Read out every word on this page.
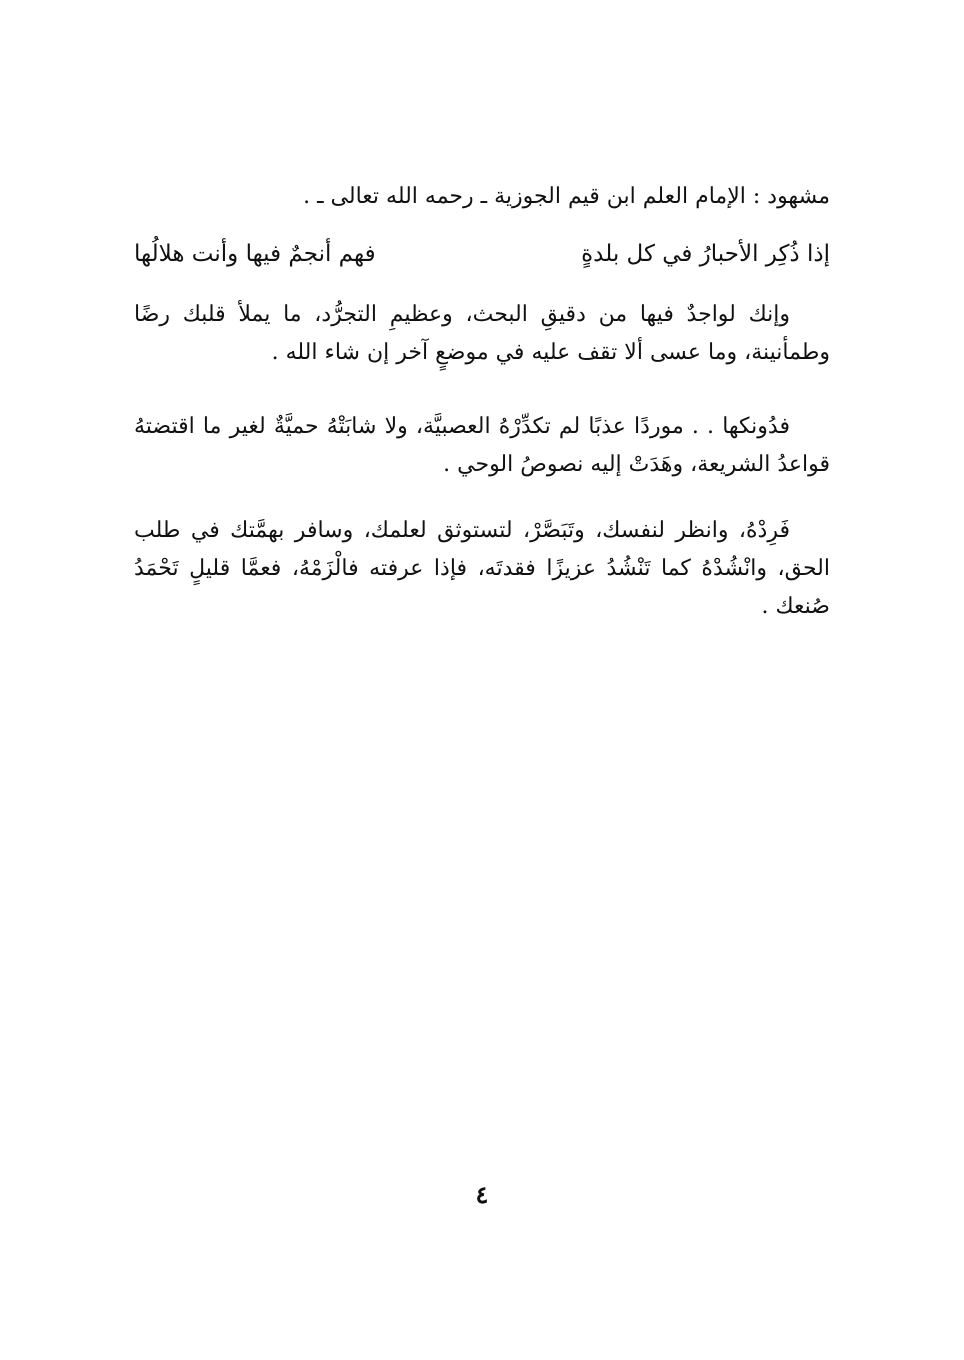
مشهود : الإمام العلم ابن قيم الجوزية ـ رحمه الله تعالى ـ .
إذا ذُكِر الأحبارُ في كل بلدةٍ
فهم أنجمٌ فيها وأنت هلالُها

وإنك لواجدٌ فيها من دقيقِ البحث، وعظيمِ التجرُّد، ما يملأ قلبك رضًا وطمأنينة، وما عسى ألا تقف عليه في موضعٍ آخر إن شاء الله .

فدُونكها . . موردًا عذبًا لم تكدِّرْهُ العصبيَّة، ولا شابَتْهُ حميَّةٌ لغير ما اقتضتهُ قواعدُ الشريعة، وهَدَتْ إليه نصوصُ الوحي .

فَرِدْهُ، وانظر لنفسك، وتَبَصَّرْ، لتستوثق لعلمك، وسافر بهمَّتك في طلب الحق، وانْشُدْهُ كما تَنْشُدُ عزيزًا فقدتَه، فإذا عرفته فالْزَمْهُ، فعمَّا قليلٍ تَحْمَدُ صُنعك .

٤
